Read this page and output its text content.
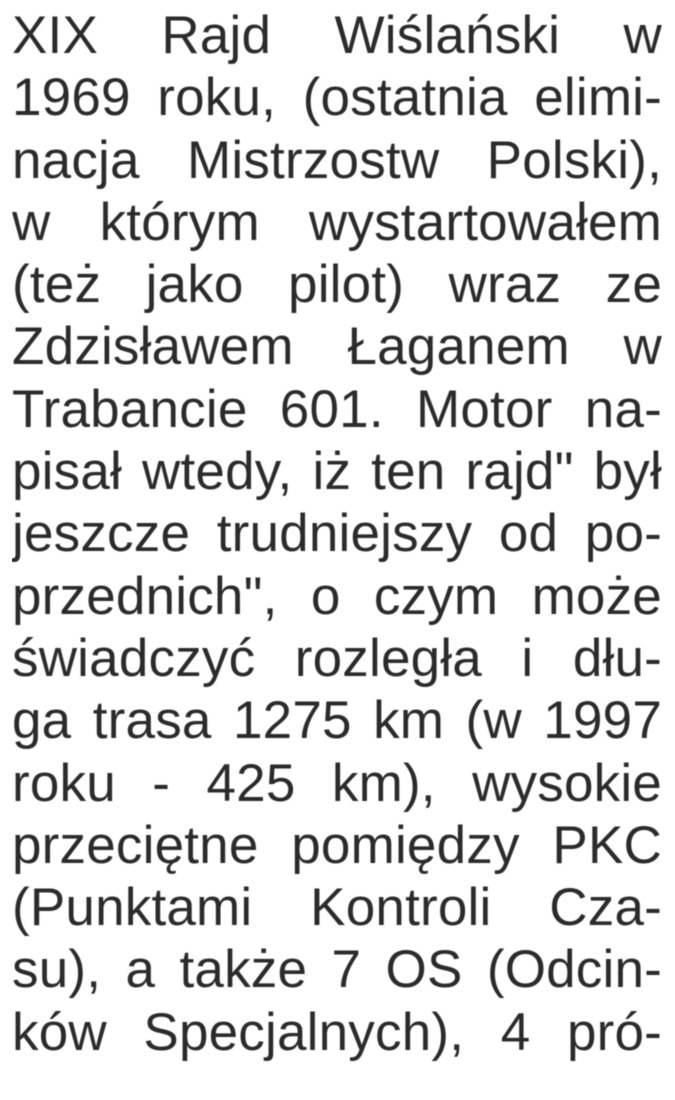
XIX Rajd Wiślański w

1969 roku, (ostatnia elimi-

nacja Mistrzostw Polski),

w którym wystartowałem

(też jako pilot) wraz ze

Zdzisławem Łaganem w

Trabancie 601. Motor na-

pisał wtedy, iż ten rajd" był

jeszcze trudniejszy od po-

przednich", o czym może

świadczyć rozległa i dłu-

ga trasa 1275 km (w 1997

roku - 425 km), wysokie

przeciętne pomiędzy PKC

(Punktami Kontroli Cza-

su), a także 7 OS (Odcin-

ków Specjalnych), 4 pró-
